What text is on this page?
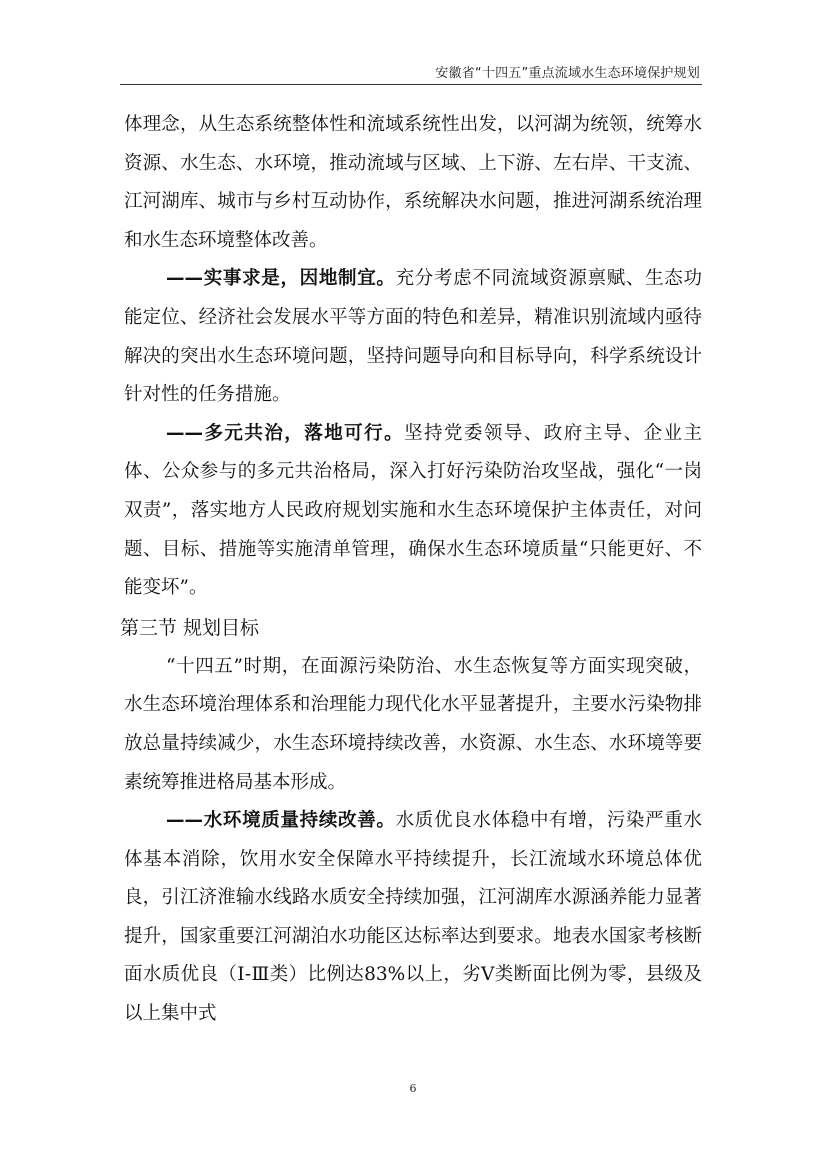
安徽省“十四五”重点流域水生态环境保护规划

体理念，从生态系统整体性和流域系统性出发，以河湖为统领，统筹水资源、水生态、水环境，推动流域与区域、上下游、左右岸、干支流、江河湖库、城市与乡村互动协作，系统解决水问题，推进河湖系统治理和水生态环境整体改善。

——实事求是，因地制宜。充分考虑不同流域资源禀赋、生态功能定位、经济社会发展水平等方面的特色和差异，精准识别流域内亟待解决的突出水生态环境问题，坚持问题导向和目标导向，科学系统设计针对性的任务措施。

——多元共治，落地可行。坚持党委领导、政府主导、企业主体、公众参与的多元共治格局，深入打好污染防治攻坚战，强化“一岗双责”，落实地方人民政府规划实施和水生态环境保护主体责任，对问题、目标、措施等实施清单管理，确保水生态环境质量“只能更好、不能变坏”。

第三节 规划目标

“十四五”时期，在面源污染防治、水生态恢复等方面实现突破，水生态环境治理体系和治理能力现代化水平显著提升，主要水污染物排放总量持续减少，水生态环境持续改善，水资源、水生态、水环境等要素统筹推进格局基本形成。

——水环境质量持续改善。水质优良水体稳中有增，污染严重水体基本消除，饮用水安全保障水平持续提升，长江流域水环境总体优良，引江济淮输水线路水质安全持续加强，江河湖库水源涵养能力显著提升，国家重要江河湖泊水功能区达标率达到要求。地表水国家考核断面水质优良（Ⅰ-Ⅲ类）比例达83%以上，劣Ⅴ类断面比例为零，县级及以上集中式

6
